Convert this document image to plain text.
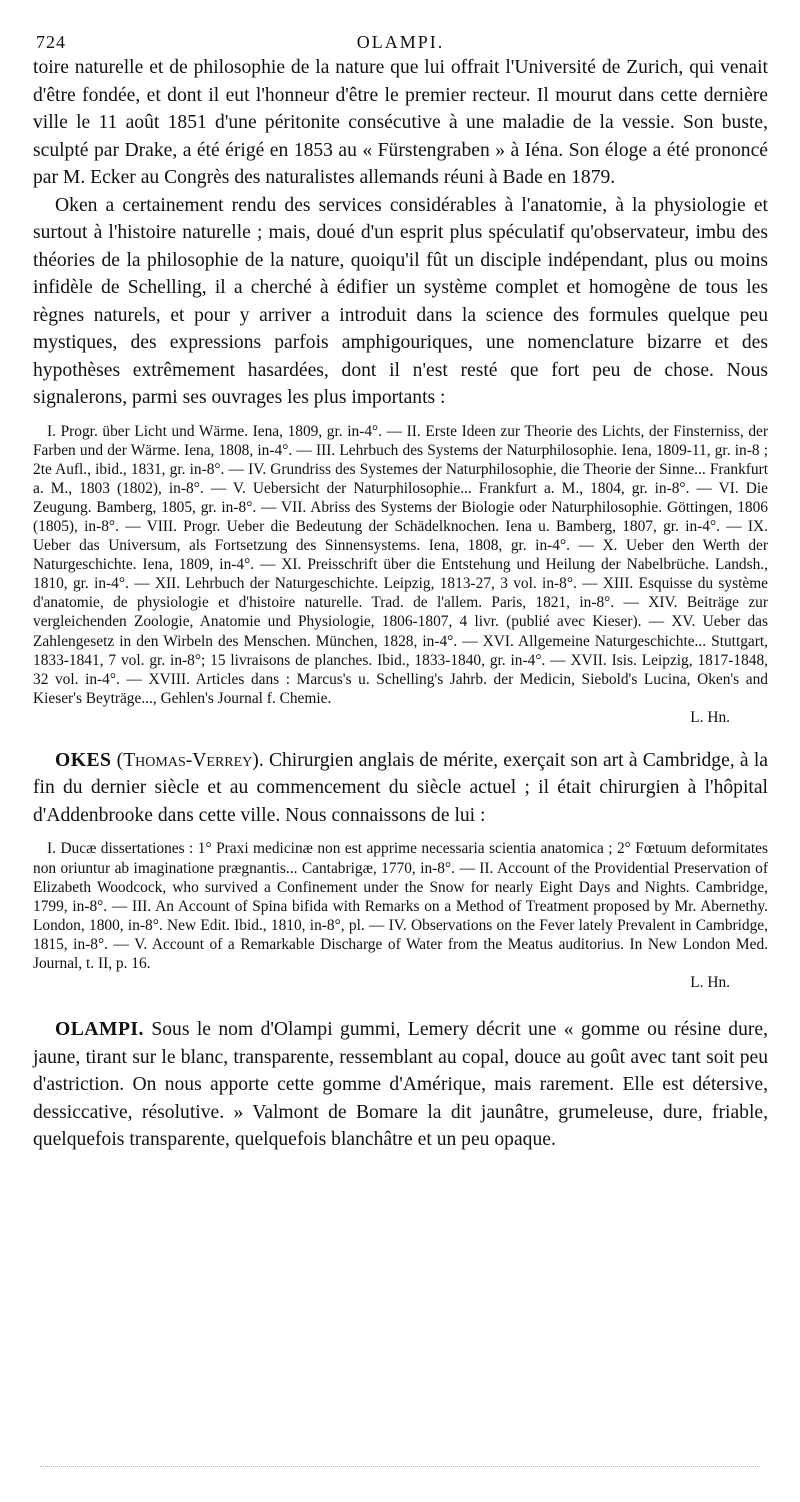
724	OLAMPI.

toire naturelle et de philosophie de la nature que lui offrait l'Université de Zurich, qui venait d'être fondée, et dont il eut l'honneur d'être le premier recteur. Il mourut dans cette dernière ville le 11 août 1851 d'une péritonite consécutive à une maladie de la vessie. Son buste, sculpté par Drake, a été érigé en 1853 au « Fürstengraben » à Iéna. Son éloge a été prononcé par M. Ecker au Congrès des naturalistes allemands réuni à Bade en 1879.

Oken a certainement rendu des services considérables à l'anatomie, à la physiologie et surtout à l'histoire naturelle ; mais, doué d'un esprit plus spéculatif qu'observateur, imbu des théories de la philosophie de la nature, quoiqu'il fût un disciple indépendant, plus ou moins infidèle de Schelling, il a cherché à édifier un système complet et homogène de tous les règnes naturels, et pour y arriver a introduit dans la science des formules quelque peu mystiques, des expressions parfois amphigouriques, une nomenclature bizarre et des hypothèses extrêmement hasardées, dont il n'est resté que fort peu de chose. Nous signalerons, parmi ses ouvrages les plus importants :

I. Progr. über Licht und Wärme. Iena, 1809, gr. in-4°. — II. Erste Ideen zur Theorie des Lichts, der Finsterniss, der Farben und der Wärme. Iena, 1808, in-4°. — III. Lehrbuch des Systems der Naturphilosophie. Iena, 1809-11, gr. in-8 ; 2te Aufl., ibid., 1831, gr. in-8°. — IV. Grundriss des Systemes der Naturphilosophie, die Theorie der Sinne... Frankfurt a. M., 1803 (1802), in-8°. — V. Uebersicht der Naturphilosophie... Frankfurt a. M., 1804, gr. in-8°. — VI. Die Zeugung. Bamberg, 1805, gr. in-8°. — VII. Abriss des Systems der Biologie oder Naturphilosophie. Göttingen, 1806 (1805), in-8°. — VIII. Progr. Ueber die Bedeutung der Schädelknochen. Iena u. Bamberg, 1807, gr. in-4°. — IX. Ueber das Universum, als Fortsetzung des Sinnensystems. Iena, 1808, gr. in-4°. — X. Ueber den Werth der Naturgeschichte. Iena, 1809, in-4°. — XI. Preisschrift über die Entstehung und Heilung der Nabelbrüche. Landsh., 1810, gr. in-4°. — XII. Lehrbuch der Naturgeschichte. Leipzig, 1813-27, 3 vol. in-8°. — XIII. Esquisse du système d'anatomie, de physiologie et d'histoire naturelle. Trad. de l'allem. Paris, 1821, in-8°. — XIV. Beiträge zur vergleichenden Zoologie, Anatomie und Physiologie, 1806-1807, 4 livr. (publié avec Kieser). — XV. Ueber das Zahlengesetz in den Wirbeln des Menschen. München, 1828, in-4°. — XVI. Allgemeine Naturgeschichte... Stuttgart, 1833-1841, 7 vol. gr. in-8°; 15 livraisons de planches. Ibid., 1833-1840, gr. in-4°. — XVII. Isis. Leipzig, 1817-1848, 32 vol. in-4°. — XVIII. Articles dans : Marcus's u. Schelling's Jahrb. der Medicin, Siebold's Lucina, Oken's and Kieser's Beyträge..., Gehlen's Journal f. Chemie.

L. Hn.

OKES (Thomas-Verrey). Chirurgien anglais de mérite, exerçait son art à Cambridge, à la fin du dernier siècle et au commencement du siècle actuel ; il était chirurgien à l'hôpital d'Addenbrooke dans cette ville. Nous connaissons de lui :

I. Ducæ dissertationes : 1° Praxi medicinæ non est apprime necessaria scientia anatomica ; 2° Fœtuum deformitates non oriuntur ab imaginatione prægnantis... Cantabrigæ, 1770, in-8°. — II. Account of the Providential Preservation of Elizabeth Woodcock, who survived a Confinement under the Snow for nearly Eight Days and Nights. Cambridge, 1799, in-8°. — III. An Account of Spina bifida with Remarks on a Method of Treatment proposed by Mr. Abernethy. London, 1800, in-8°. New Edit. Ibid., 1810, in-8°, pl. — IV. Observations on the Fever lately Prevalent in Cambridge, 1815, in-8°. — V. Account of a Remarkable Discharge of Water from the Meatus auditorius. In New London Med. Journal, t. II, p. 16.

L. Hn.

OLAMPI. Sous le nom d'Olampi gummi, Lemery décrit une « gomme ou résine dure, jaune, tirant sur le blanc, transparente, ressemblant au copal, douce au goût avec tant soit peu d'astriction. On nous apporte cette gomme d'Amérique, mais rarement. Elle est détersive, dessiccative, résolutive. » Valmont de Bomare la dit jaunâtre, grumeleuse, dure, friable, quelquefois transparente, quelquefois blanchâtre et un peu opaque.
